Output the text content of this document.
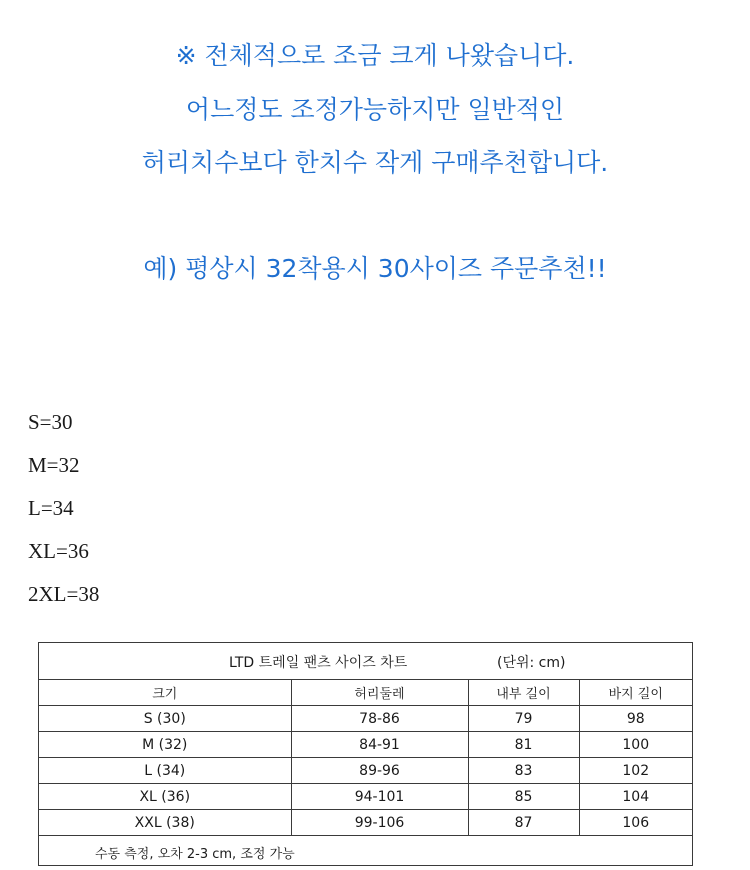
※ 전체적으로 조금 크게 나왔습니다.
어느정도 조정가능하지만 일반적인
허리치수보다 한치수 작게 구매추천합니다.
예) 평상시 32착용시 30사이즈 주문추천!!
S=30
M=32
L=34
XL=36
2XL=38
LTD 트레일 팬츠 사이즈 차트	(단위: cm)
크기	허리둘레	내부 길이	바지 길이
S (30)	78-86	79	98
M (32)	84-91	81	100
L (34)	89-96	83	102
XL (36)	94-101	85	104
XXL (38)	99-106	87	106
수동 측정, 오차 2-3 cm, 조정 가능
